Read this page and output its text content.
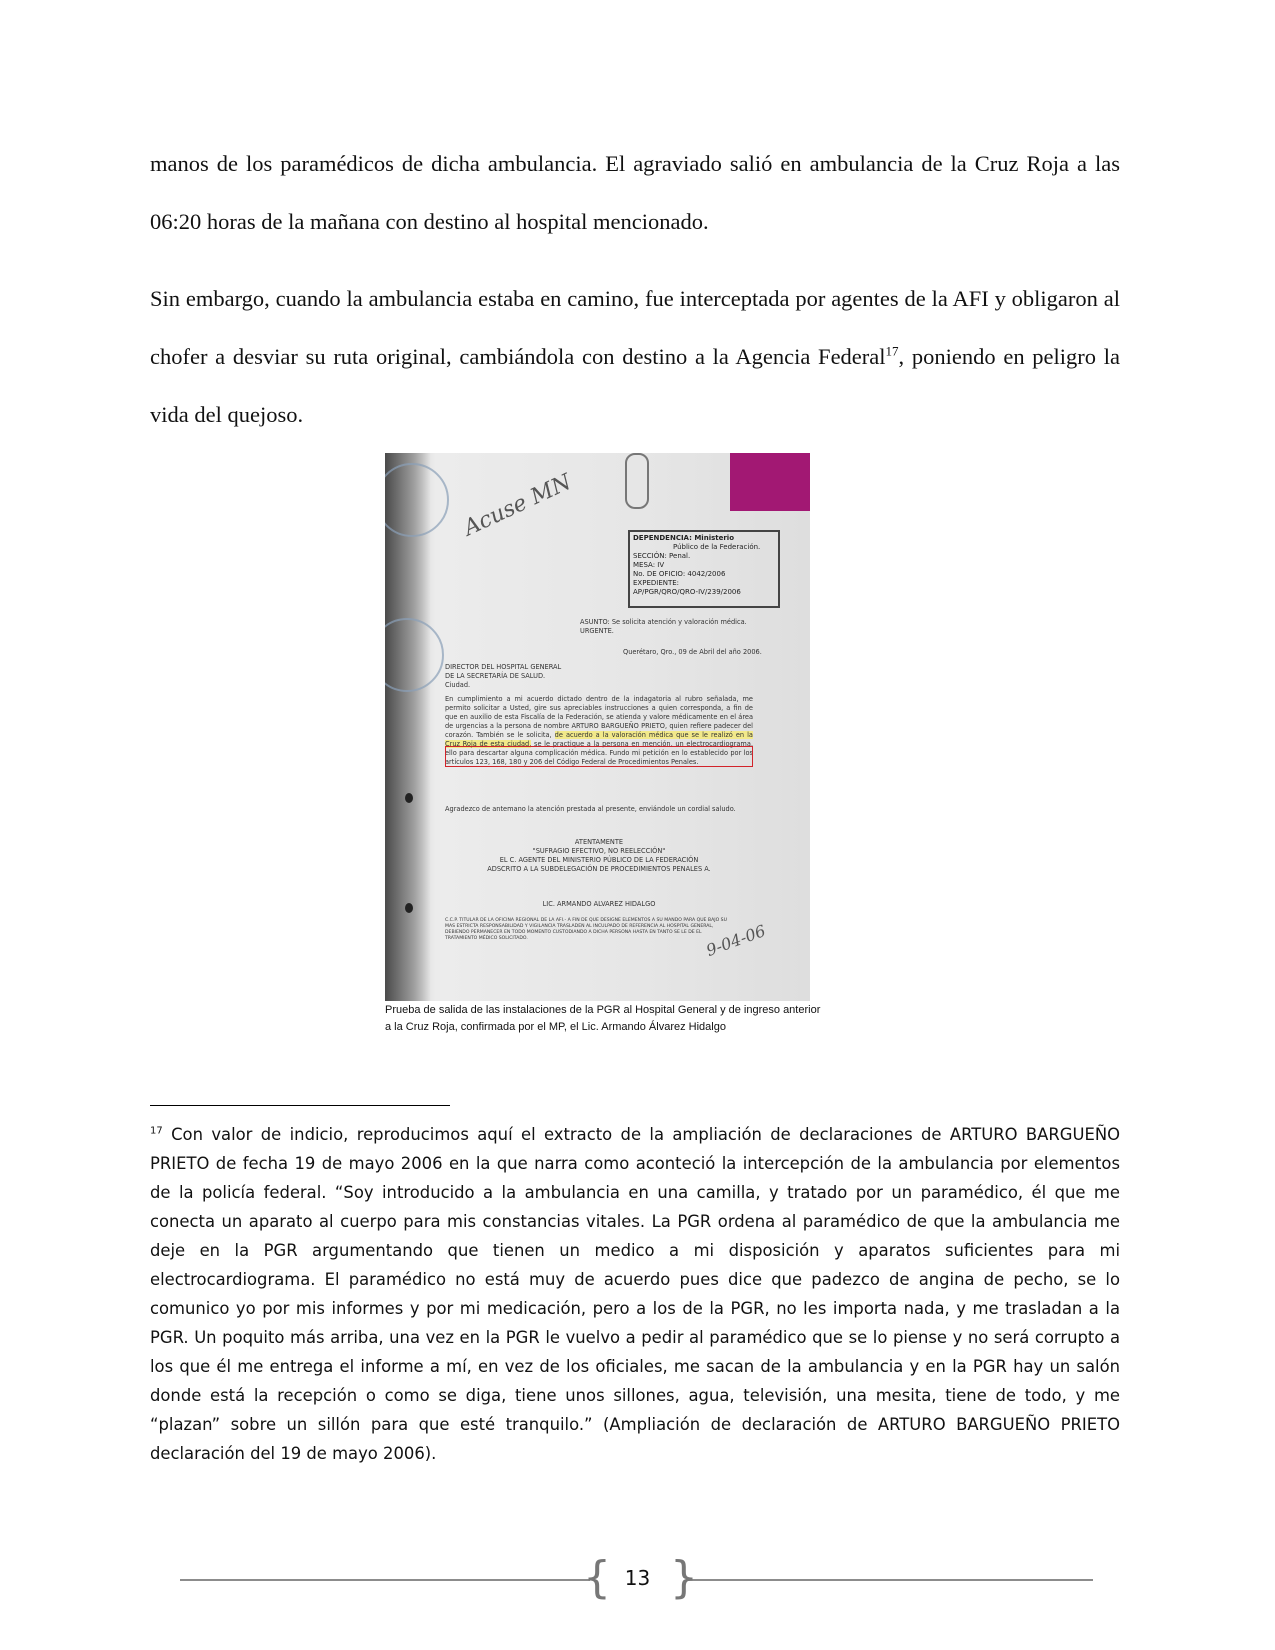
manos de los paramédicos de dicha ambulancia. El agraviado salió en ambulancia de la Cruz Roja a las 06:20 horas de la mañana con destino al hospital mencionado.

Sin embargo, cuando la ambulancia estaba en camino, fue interceptada por agentes de la AFI y obligaron al chofer a desviar su ruta original, cambiándola con destino a la Agencia Federal$^{17}$, poniendo en peligro la vida del quejoso.

Acuse MN	DEPENDENCIA: Ministerio
Público de la Federación.
SECCIÓN: Penal.
MESA: IV
No. DE OFICIO: 4042/2006
EXPEDIENTE:
AP/PGR/QRO/QRO-IV/239/2006
ASUNTO: Se solicita atención y valoración médica. URGENTE.
Querétaro, Qro., 09 de Abril del año 2006.
DIRECTOR DEL HOSPITAL GENERAL
DE LA SECRETARÍA DE SALUD.
Ciudad.
En cumplimiento a mi acuerdo dictado dentro de la indagatoria al rubro señalada, me permito solicitar a Usted, gire sus apreciables instrucciones a quien corresponda, a fin de que en auxilio de esta Fiscalía de la Federación, se atienda y valore médicamente en el área de urgencias a la persona de nombre ARTURO BARGUEÑO PRIETO, quien refiere padecer del corazón. También se le solicita, de acuerdo a la valoración médica que se le realizó en la Cruz Roja de esta ciudad, se le practique a la persona en mención, un electrocardiograma, ello para descartar alguna complicación médica. Fundo mi petición en lo establecido por los artículos 123, 168, 180 y 206 del Código Federal de Procedimientos Penales.
Agradezco de antemano la atención prestada al presente, enviándole un cordial saludo.
ATENTAMENTE
"SUFRAGIO EFECTIVO, NO REELECCIÓN"
EL C. AGENTE DEL MINISTERIO PÚBLICO DE LA FEDERACIÓN
ADSCRITO A LA SUBDELEGACIÓN DE PROCEDIMIENTOS PENALES A.
LIC. ARMANDO ALVAREZ HIDALGO
C.C.P. TITULAR DE LA OFICINA REGIONAL DE LA AFI.- A FIN DE QUE DESIGNE ELEMENTOS A SU MANDO PARA QUE BAJO SU MAS ESTRICTA RESPONSABILIDAD Y VIGILANCIA TRASLADEN AL INCULPADO DE REFERENCIA AL HOSPITAL GENERAL, DEBIENDO PERMANECER EN TODO MOMENTO CUSTODIANDO A DICHA PERSONA HASTA EN TANTO SE LE DE EL TRATAMIENTO MÉDICO SOLICITADO.	9-04-06

Prueba de salida de las instalaciones de la PGR al Hospital General y de ingreso anterior a la Cruz Roja, confirmada por el MP, el Lic. Armando Álvarez Hidalgo

$^{17}$ Con valor de indicio, reproducimos aquí el extracto de la ampliación de declaraciones de ARTURO BARGUEÑO PRIETO de fecha 19 de mayo 2006 en la que narra como aconteció la intercepción de la ambulancia por elementos de la policía federal. “Soy introducido a la ambulancia en una camilla, y tratado por un paramédico, él que me conecta un aparato al cuerpo para mis constancias vitales. La PGR ordena al paramédico de que la ambulancia me deje en la PGR argumentando que tienen un medico a mi disposición y aparatos suficientes para mi electrocardiograma. El paramédico no está muy de acuerdo pues dice que padezco de angina de pecho, se lo comunico yo por mis informes y por mi medicación, pero a los de la PGR, no les importa nada, y me trasladan a la PGR. Un poquito más arriba, una vez en la PGR le vuelvo a pedir al paramédico que se lo piense y no será corrupto a los que él me entrega el informe a mí, en vez de los oficiales, me sacan de la ambulancia y en la PGR hay un salón donde está la recepción o como se diga, tiene unos sillones, agua, televisión, una mesita, tiene de todo, y me “plazan” sobre un sillón para que esté tranquilo.” (Ampliación de declaración de ARTURO BARGUEÑO PRIETO declaración del 19 de mayo 2006).

{ }
13
